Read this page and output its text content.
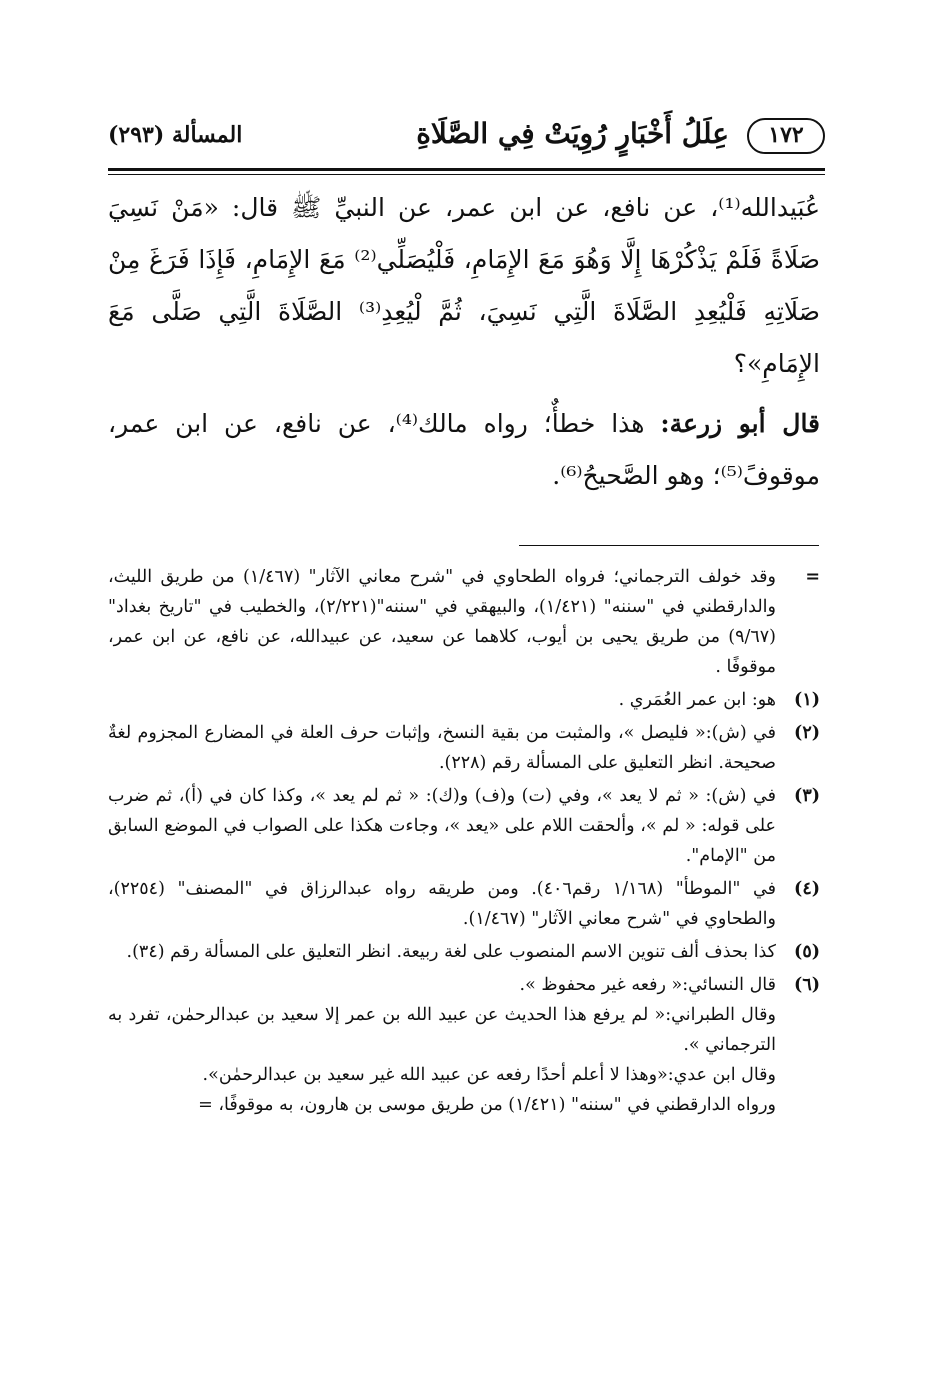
١٧٢
عِلَلُ أَخْبَارٍ رُوِيَتْ فِي الصَّلَاةِ
المسألة (٢٩٣)

عُبَيدالله⁽¹⁾، عن نافع، عن ابن عمر، عن النبيِّ ﷺ قال: «مَنْ نَسِيَ صَلَاةً فَلَمْ يَذْكُرْهَا إِلَّا وَهُوَ مَعَ الإِمَامِ، فَلْيُصَلِّي⁽²⁾ مَعَ الإِمَامِ، فَإِذَا فَرَغَ مِنْ صَلَاتِهِ فَلْيُعِدِ الصَّلَاةَ الَّتِي نَسِيَ، ثُمَّ لْيُعِدِ⁽³⁾ الصَّلَاةَ الَّتِي صَلَّى مَعَ الإِمَامِ»؟

قال أبو زرعة: هذا خطأٌ؛ رواه مالك⁽⁴⁾، عن نافع، عن ابن عمر، موقوفً⁽⁵⁾؛ وهو الصَّحيحُ⁽⁶⁾.

=

وقد خولف الترجماني؛ فرواه الطحاوي في "شرح معاني الآثار" (١/٤٦٧) من طريق الليث، والدارقطني في "سننه" (١/٤٢١)، والبيهقي في "سننه"(٢/٢٢١)، والخطيب في "تاريخ بغداد" (٩/٦٧) من طريق يحيى بن أيوب، كلاهما عن سعيد، عن عبيدالله، عن نافع، عن ابن عمر، موقوفًا .

(١)

هو: ابن عمر العُمَري .

(٢)

في (ش):« فليصل »، والمثبت من بقية النسخ، وإثبات حرف العلة في المضارع المجزوم لغةٌ صحيحة. انظر التعليق على المسألة رقم (٢٢٨).

(٣)

في (ش): « ثم لا يعد »، وفي (ت) و(ف) و(ك): « ثم لم يعد »، وكذا كان في (أ)، ثم ضرب على قوله: « لم »، وألحقت اللام على «يعد »، وجاءت هكذا على الصواب في الموضع السابق من "الإمام".

(٤)

في "الموطأ" (١/١٦٨ رقم٤٠٦). ومن طريقه رواه عبدالرزاق في "المصنف" (٢٢٥٤)، والطحاوي في "شرح معاني الآثار" (١/٤٦٧).

(٥)

كذا بحذف ألف تنوين الاسم المنصوب على لغة ربيعة. انظر التعليق على المسألة رقم (٣٤).

(٦)

قال النسائي:« رفعه غير محفوظ ».

وقال الطبراني:« لم يرفع هذا الحديث عن عبيد الله بن عمر إلا سعيد بن عبدالرحمٰن، تفرد به الترجماني ».

وقال ابن عدي:«وهذا لا أعلم أحدًا رفعه عن عبيد الله غير سعيد بن عبدالرحمٰن».

ورواه الدارقطني في "سننه" (١/٤٢١) من طريق موسى بن هارون، به موقوفًا، =
